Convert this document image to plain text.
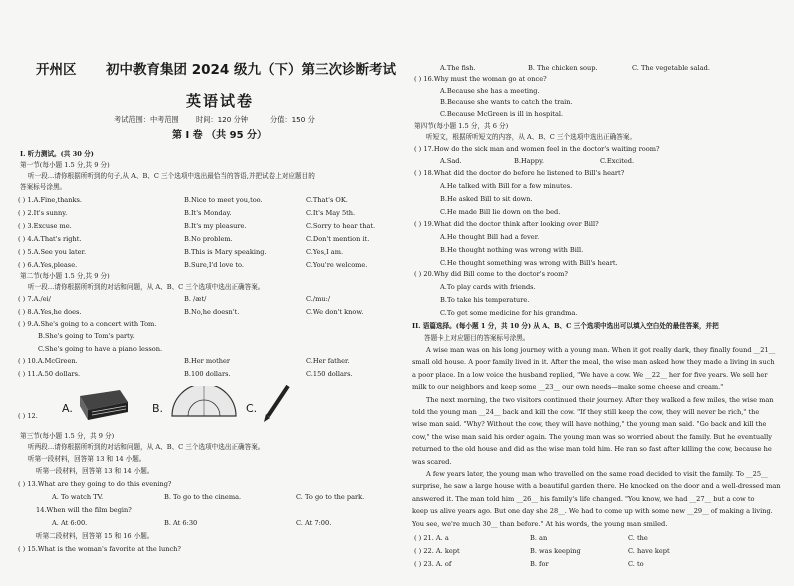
开州区 初中教育集团 2024 级九（下）第三次诊断考试
英语试卷
考试范围：中考范围 时间：120 分钟	分值：150 分
第 I 卷 （共 95 分）
I. 听力测试。(共 30 分)
第一节(每小题 1.5 分,共 9 分)
听一段…请你根据所听到的句子,从 A、B、C 三个选项中选出最恰当的答语,并把试卷上对应题目的
答案标号涂黑。
( ) 1.A.Fine,thanks.	B.Nice to meet you,too.	C.That's OK.
( ) 2.It's sunny.	B.It's Monday.	C.It's May 5th.
( ) 3.Excuse me.	B.It's my pleasure.	C.Sorry to hear that.
( ) 4.A.That's right.	B.No problem.	C.Don't mention it.
( ) 5.A.See you later.	B.This is Mary speaking.	C.Yes,I am.
( ) 6.A.Yes,please.	B.Sure,I'd love to.	C.You're welcome.
第二节(每小题 1.5 分,共 9 分)
听一段…请你根据所听到的对话和问题，从 A、B、C 三个选项中选出正确答案。
( ) 7.A./ei/	B. /æt/	C./mu:/
( ) 8.A.Yes,he does.	B.No,he doesn't.	C.We don't know.
( ) 9.A.She's going to a concert with Tom.
B.She's going to Tom's party.
C.She's going to have a piano lesson.
( ) 10.A.McGreen.	B.Her mother	C.Her father.
( ) 11.A.50 dollars.	B.100 dollars.	C.150 dollars.
( ) 12.
A.	B.	C.
第三节(每小题 1.5 分，共 9 分)
听两段…请你根据所听到的对话和问题，从 A、B、C 三个选项中选出正确答案。
听第一段材料，回答第 13 和 14 小题。
听第一段材料，回答第 13 和 14 小题。
( ) 13.What are they going to do this evening?
A. To watch TV.	B. To go to the cinema.	C. To go to the park.
14.When will the film begin?
A. At 6:00.	B. At 6:30	C. At 7:00.
听第二段材料，回答第 15 和 16 小题。
( ) 15.What is the woman's favorite at the lunch?
A.The fish.	B. The chicken soup.	C. The vegetable salad.
( ) 16.Why must the woman go at once?
A.Because she has a meeting.
B.Because she wants to catch the train.
C.Because McGreen is ill in hospital.
第四节(每小题 1.5 分，共 6 分)
听短文，根据所听短文的内容，从 A、B、C 三个选项中选出正确答案。
( ) 17.How do the sick man and women feel in the doctor's waiting room?
A.Sad.	B.Happy.	C.Excited.
( ) 18.What did the doctor do before he listened to Bill's heart?
A.He talked with Bill for a few minutes.
B.He asked Bill to sit down.
C.He made Bill lie down on the bed.
( ) 19.What did the doctor think after looking over Bill?
A.He thought Bill had a fever.
B.He thought nothing was wrong with Bill.
C.He thought something was wrong with Bill's heart.
( ) 20.Why did Bill come to the doctor's room?
A.To play cards with friends.
B.To take his temperature.
C.To get some medicine for his grandma.
II. 语篇选择。(每小题 1 分，共 10 分) 从 A、B、C 三个选项中选出可以填入空白处的最佳答案，并把
答题卡上对应题目的答案标号涂黑。
A wise man was on his long journey with a young man. When it got really dark, they finally found __21__
small old house. A poor family lived in it. After the meal, the wise man asked how they made a living in such
a poor place. In a low voice the husband replied, "We have a cow. We __22__ her for five years. We sell her
milk to our neighbors and keep some __23__ our own needs—make some cheese and cream."
The next morning, the two visitors continued their journey. After they walked a few miles, the wise man
told the young man __24__ back and kill the cow. "If they still keep the cow, they will never be rich," the
wise man said. "Why? Without the cow, they will have nothing," the young man said. "Go back and kill the
cow," the wise man said his order again. The young man was so worried about the family. But he eventually
returned to the old house and did as the wise man told him. He ran so fast after killing the cow, because he
was scared.
A few years later, the young man who travelled on the same road decided to visit the family. To __25__
surprise, he saw a large house with a beautiful garden there. He knocked on the door and a well-dressed man
answered it. The man told him __26__ his family's life changed. "You know, we had __27__ but a cow to
keep us alive years ago. But one day she 28__. We had to come up with some new __29__ of making a living.
You see, we're much 30__ than before." At his words, the young man smiled.
( ) 21. A. a	B. an	C. the
( ) 22. A. kept	B. was keeping	C. have kept
( ) 23. A. of	B. for	C. to
